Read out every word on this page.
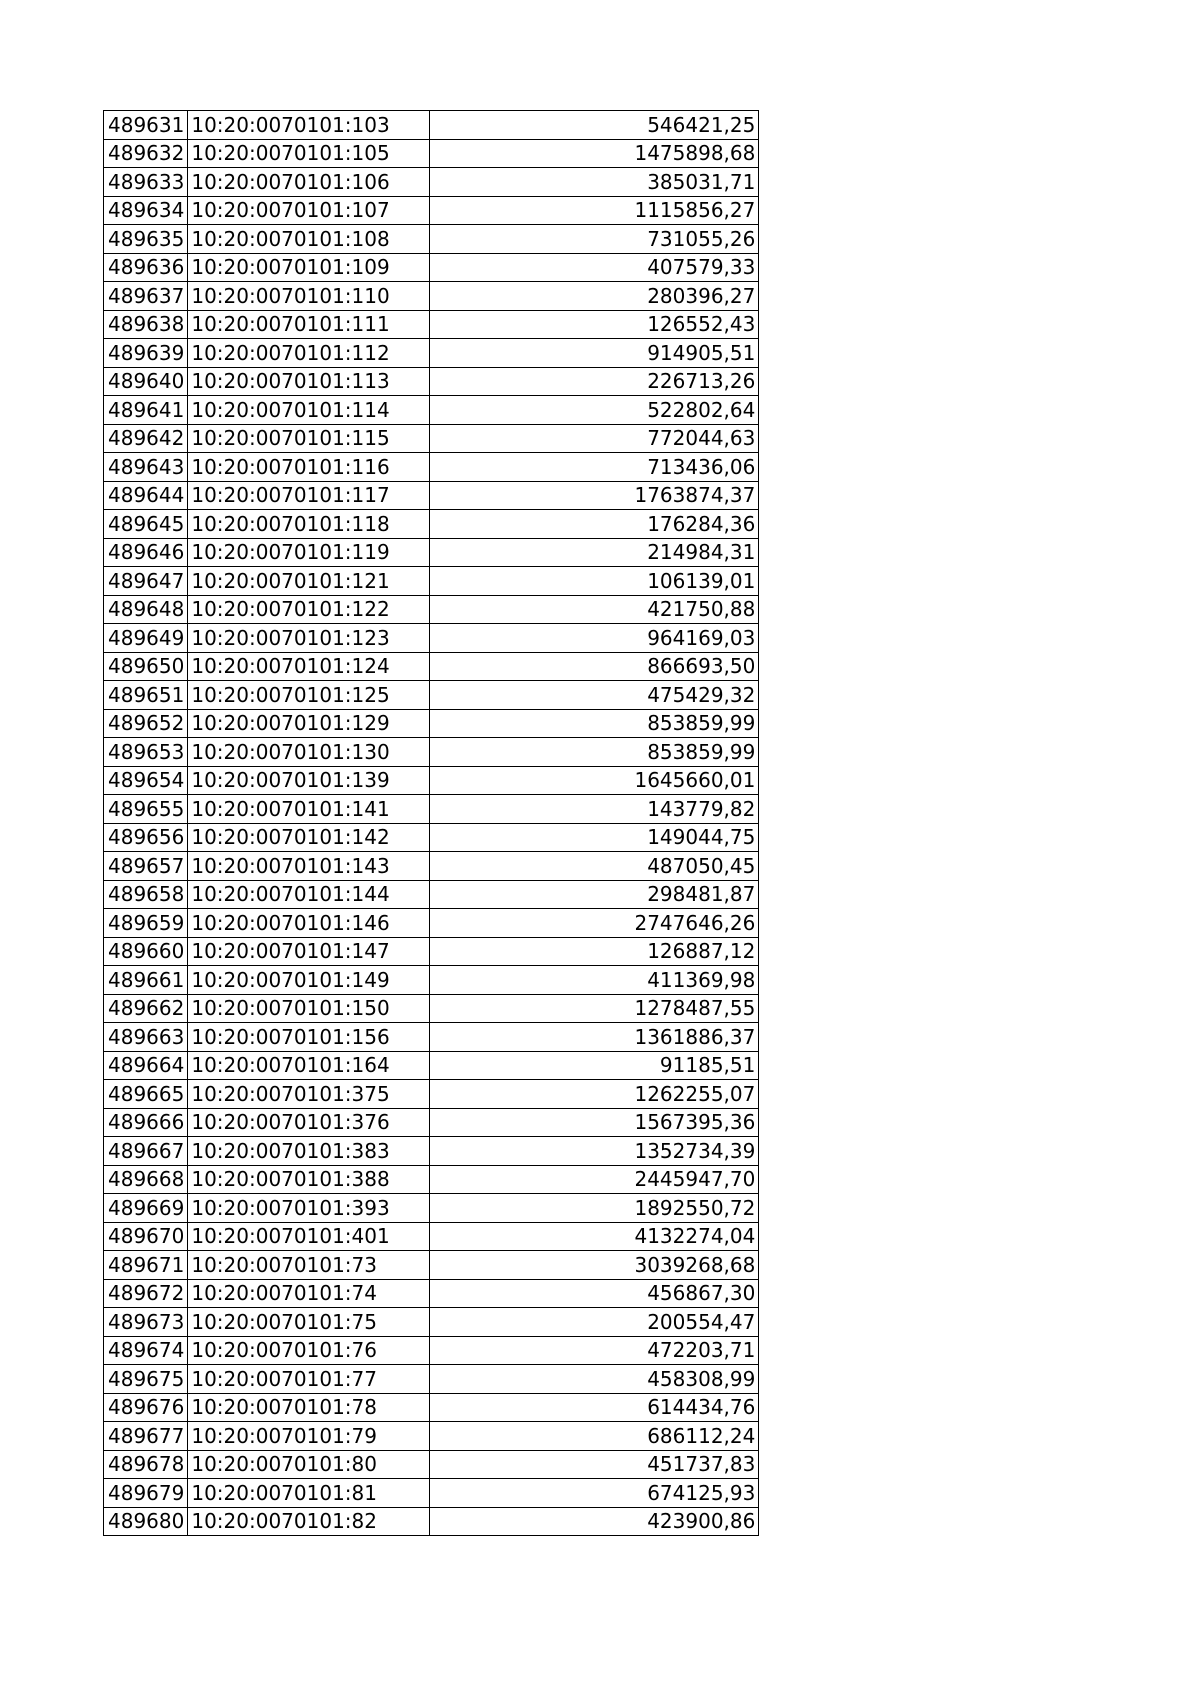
489631	10:20:0070101:103	546421,25
489632	10:20:0070101:105	1475898,68
489633	10:20:0070101:106	385031,71
489634	10:20:0070101:107	1115856,27
489635	10:20:0070101:108	731055,26
489636	10:20:0070101:109	407579,33
489637	10:20:0070101:110	280396,27
489638	10:20:0070101:111	126552,43
489639	10:20:0070101:112	914905,51
489640	10:20:0070101:113	226713,26
489641	10:20:0070101:114	522802,64
489642	10:20:0070101:115	772044,63
489643	10:20:0070101:116	713436,06
489644	10:20:0070101:117	1763874,37
489645	10:20:0070101:118	176284,36
489646	10:20:0070101:119	214984,31
489647	10:20:0070101:121	106139,01
489648	10:20:0070101:122	421750,88
489649	10:20:0070101:123	964169,03
489650	10:20:0070101:124	866693,50
489651	10:20:0070101:125	475429,32
489652	10:20:0070101:129	853859,99
489653	10:20:0070101:130	853859,99
489654	10:20:0070101:139	1645660,01
489655	10:20:0070101:141	143779,82
489656	10:20:0070101:142	149044,75
489657	10:20:0070101:143	487050,45
489658	10:20:0070101:144	298481,87
489659	10:20:0070101:146	2747646,26
489660	10:20:0070101:147	126887,12
489661	10:20:0070101:149	411369,98
489662	10:20:0070101:150	1278487,55
489663	10:20:0070101:156	1361886,37
489664	10:20:0070101:164	91185,51
489665	10:20:0070101:375	1262255,07
489666	10:20:0070101:376	1567395,36
489667	10:20:0070101:383	1352734,39
489668	10:20:0070101:388	2445947,70
489669	10:20:0070101:393	1892550,72
489670	10:20:0070101:401	4132274,04
489671	10:20:0070101:73	3039268,68
489672	10:20:0070101:74	456867,30
489673	10:20:0070101:75	200554,47
489674	10:20:0070101:76	472203,71
489675	10:20:0070101:77	458308,99
489676	10:20:0070101:78	614434,76
489677	10:20:0070101:79	686112,24
489678	10:20:0070101:80	451737,83
489679	10:20:0070101:81	674125,93
489680	10:20:0070101:82	423900,86
